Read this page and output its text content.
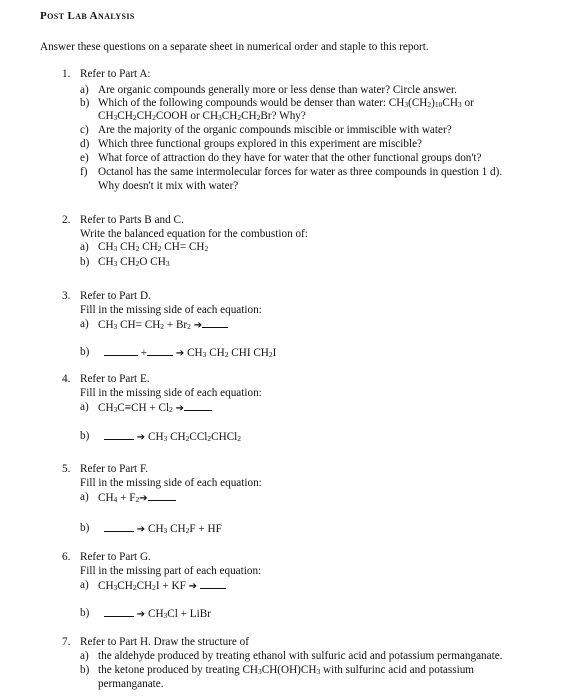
Post Lab Analysis
Answer these questions on a separate sheet in numerical order and staple to this report.
1. Refer to Part A:
a) Are organic compounds generally more or less dense than water? Circle answer.
b) Which of the following compounds would be denser than water: $CH_3(CH_2)_{10}CH_3$ or
$CH_3CH_2CH_2COOH$ or $CH_3CH_2CH_2Br$? Why?
c) Are the majority of the organic compounds miscible or immiscible with water?
d) Which three functional groups explored in this experiment are miscible?
e) What force of attraction do they have for water that the other functional groups don't?
f) Octanol has the same intermolecular forces for water as three compounds in question 1 d).
Why doesn't it mix with water?
2. Refer to Parts B and C.
Write the balanced equation for the combustion of:
a) $CH_3$ $CH_2$ $CH_2$ $CH= CH_2$
b) $CH_3$ $CH_2O$ $CH_3$
3. Refer to Part D.
Fill in the missing side of each equation:
a) $CH_3$ $CH= CH_2 + Br_2$ ➔
b)	+	➔ $CH_3$ $CH_2$ CHI $CH_2I$
4. Refer to Part E.
Fill in the missing side of each equation:
a) $CH_3C\equiv CH + Cl_2$ ➔
b)	➔ $CH_3$ $CH_2CCl_2CHCl_2$
5. Refer to Part F.
Fill in the missing side of each equation:
a) $CH_4$ + $F_2➔$
b)	➔ $CH_3$ $CH_2F$ + HF
6. Refer to Part G.
Fill in the missing part of each equation:
a) $CH_3CH_2CH_2I$ + KF ➔
b)	➔ $CH_3Cl$ + LiBr
7. Refer to Part H. Draw the structure of
a) the aldehyde produced by treating ethanol with sulfuric acid and potassium permanganate.
b) the ketone produced by treating $CH_3CH(OH)CH_3$ with sulfurinc acid and potassium
permanganate.
